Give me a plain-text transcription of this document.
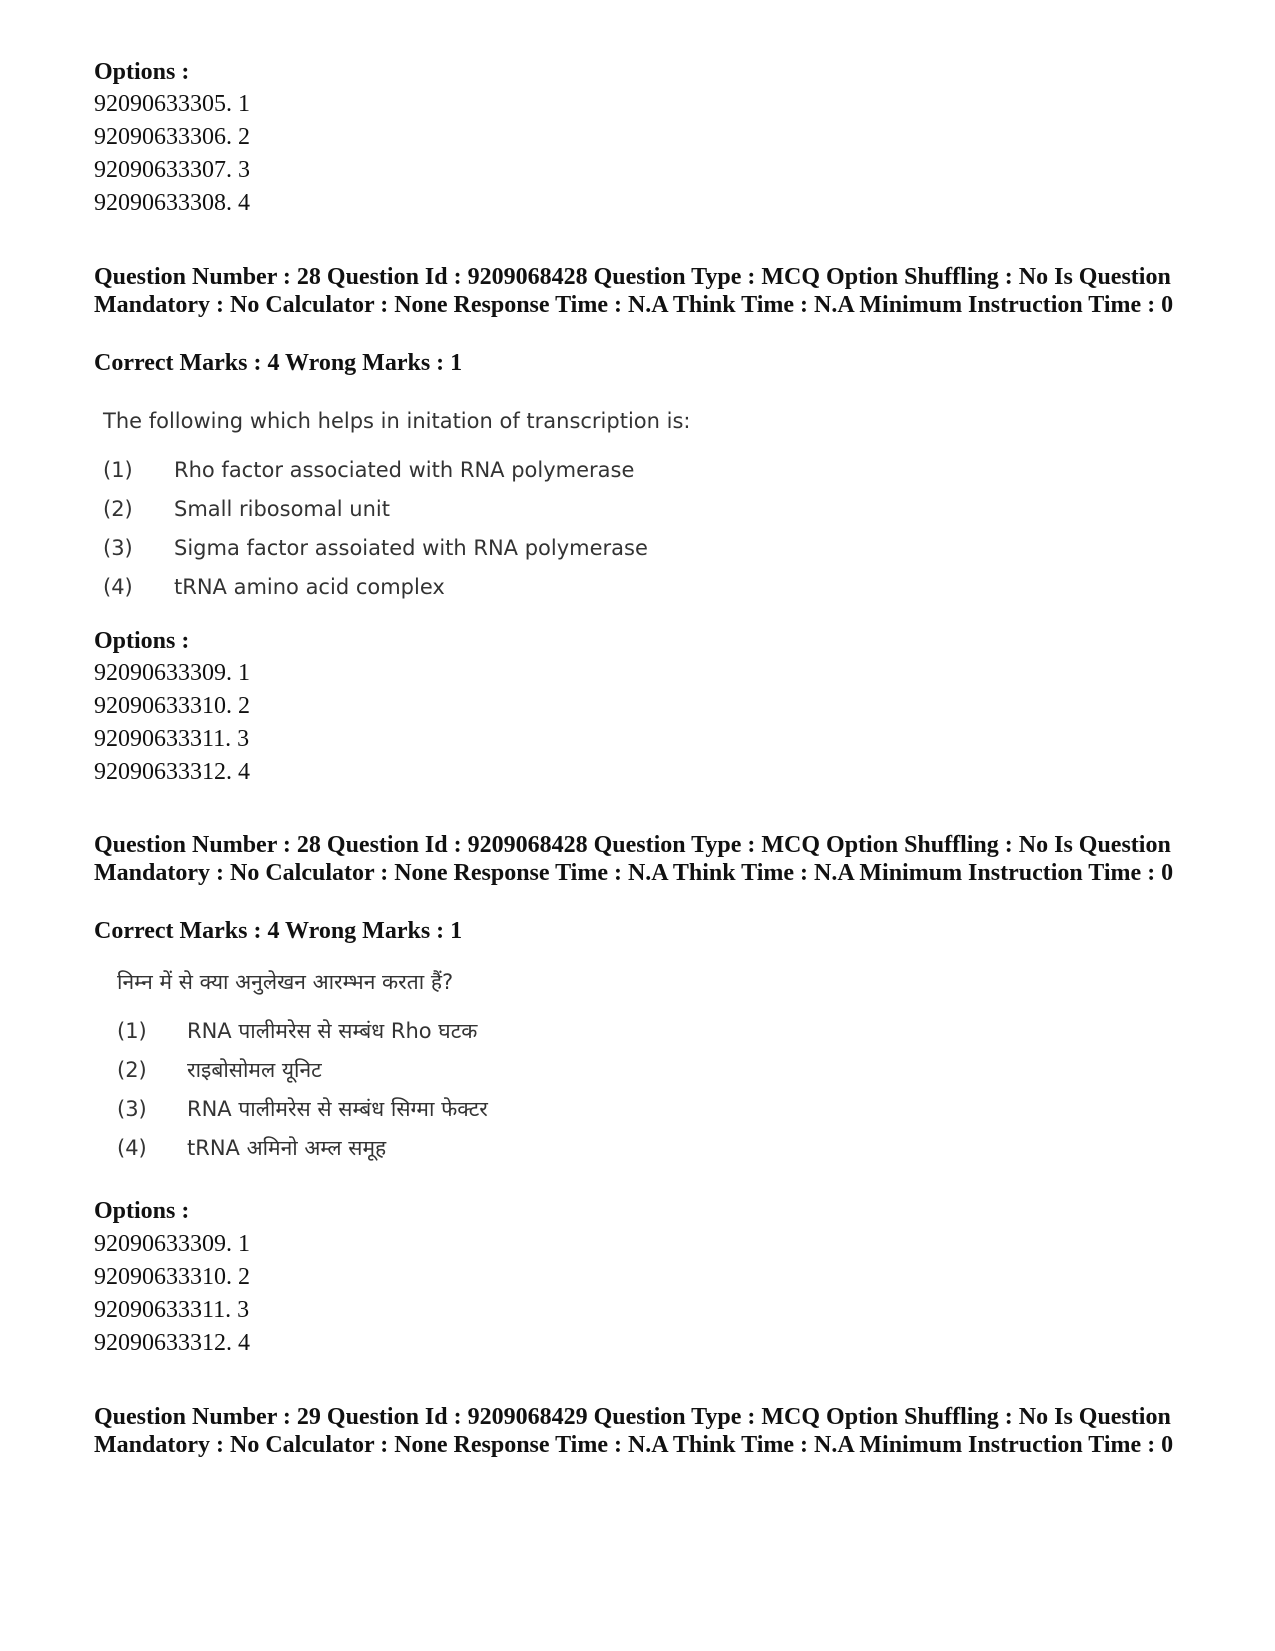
Options :
92090633305. 1
92090633306. 2
92090633307. 3
92090633308. 4
Question Number : 28 Question Id : 9209068428 Question Type : MCQ Option Shuffling : No Is Question Mandatory : No Calculator : None Response Time : N.A Think Time : N.A Minimum Instruction Time : 0
Correct Marks : 4 Wrong Marks : 1
The following which helps in initation of transcription is:
(1) Rho factor associated with RNA polymerase
(2) Small ribosomal unit
(3) Sigma factor assoiated with RNA polymerase
(4) tRNA amino acid complex
Options :
92090633309. 1
92090633310. 2
92090633311. 3
92090633312. 4
Question Number : 28 Question Id : 9209068428 Question Type : MCQ Option Shuffling : No Is Question Mandatory : No Calculator : None Response Time : N.A Think Time : N.A Minimum Instruction Time : 0
Correct Marks : 4 Wrong Marks : 1
निम्न में से क्या अनुलेखन आरम्भन करता हैं?
(1) RNA पालीमरेस से सम्बंध Rho घटक
(2) राइबोसोमल यूनिट
(3) RNA पालीमरेस से सम्बंध सिग्मा फेक्टर
(4) tRNA अमिनो अम्ल समूह
Options :
92090633309. 1
92090633310. 2
92090633311. 3
92090633312. 4
Question Number : 29 Question Id : 9209068429 Question Type : MCQ Option Shuffling : No Is Question Mandatory : No Calculator : None Response Time : N.A Think Time : N.A Minimum Instruction Time : 0
